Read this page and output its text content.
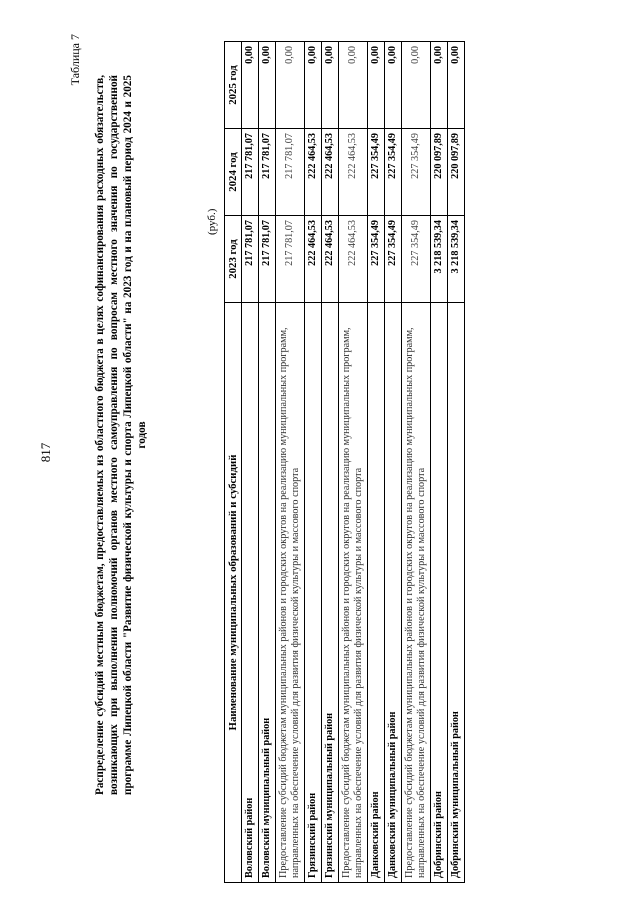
817
Таблица 7
Распределение субсидий местным бюджетам, предоставляемых из областного бюджета в целях софинансирования расходных обязательств, возникающих при выполнении полномочий органов местного самоуправления по вопросам местного значения по государственной программе Липецкой области "Развитие физической культуры и спорта Липецкой области" на 2023 год и на плановый период 2024 и 2025 годов
(руб.)
Наименование муниципальных образований и субсидий	2023 год	2024 год	2025 год
Воловский район	217 781,07	217 781,07	0,00
Воловский муниципальный район	217 781,07	217 781,07	0,00
Предоставление субсидий бюджетам муниципальных районов и городских округов на реализацию муниципальных программ, направленных на обеспечение условий для развития физической культуры и массового спорта	217 781,07	217 781,07	0,00
Грязинский район	222 464,53	222 464,53	0,00
Грязинский муниципальный район	222 464,53	222 464,53	0,00
Предоставление субсидий бюджетам муниципальных районов и городских округов на реализацию муниципальных программ, направленных на обеспечение условий для развития физической культуры и массового спорта	222 464,53	222 464,53	0,00
Данковский район	227 354,49	227 354,49	0,00
Данковский муниципальный район	227 354,49	227 354,49	0,00
Предоставление субсидий бюджетам муниципальных районов и городских округов на реализацию муниципальных программ, направленных на обеспечение условий для развития физической культуры и массового спорта	227 354,49	227 354,49	0,00
Добринский район	3 218 539,34	220 097,89	0,00
Добринский муниципальный район	3 218 539,34	220 097,89	0,00
